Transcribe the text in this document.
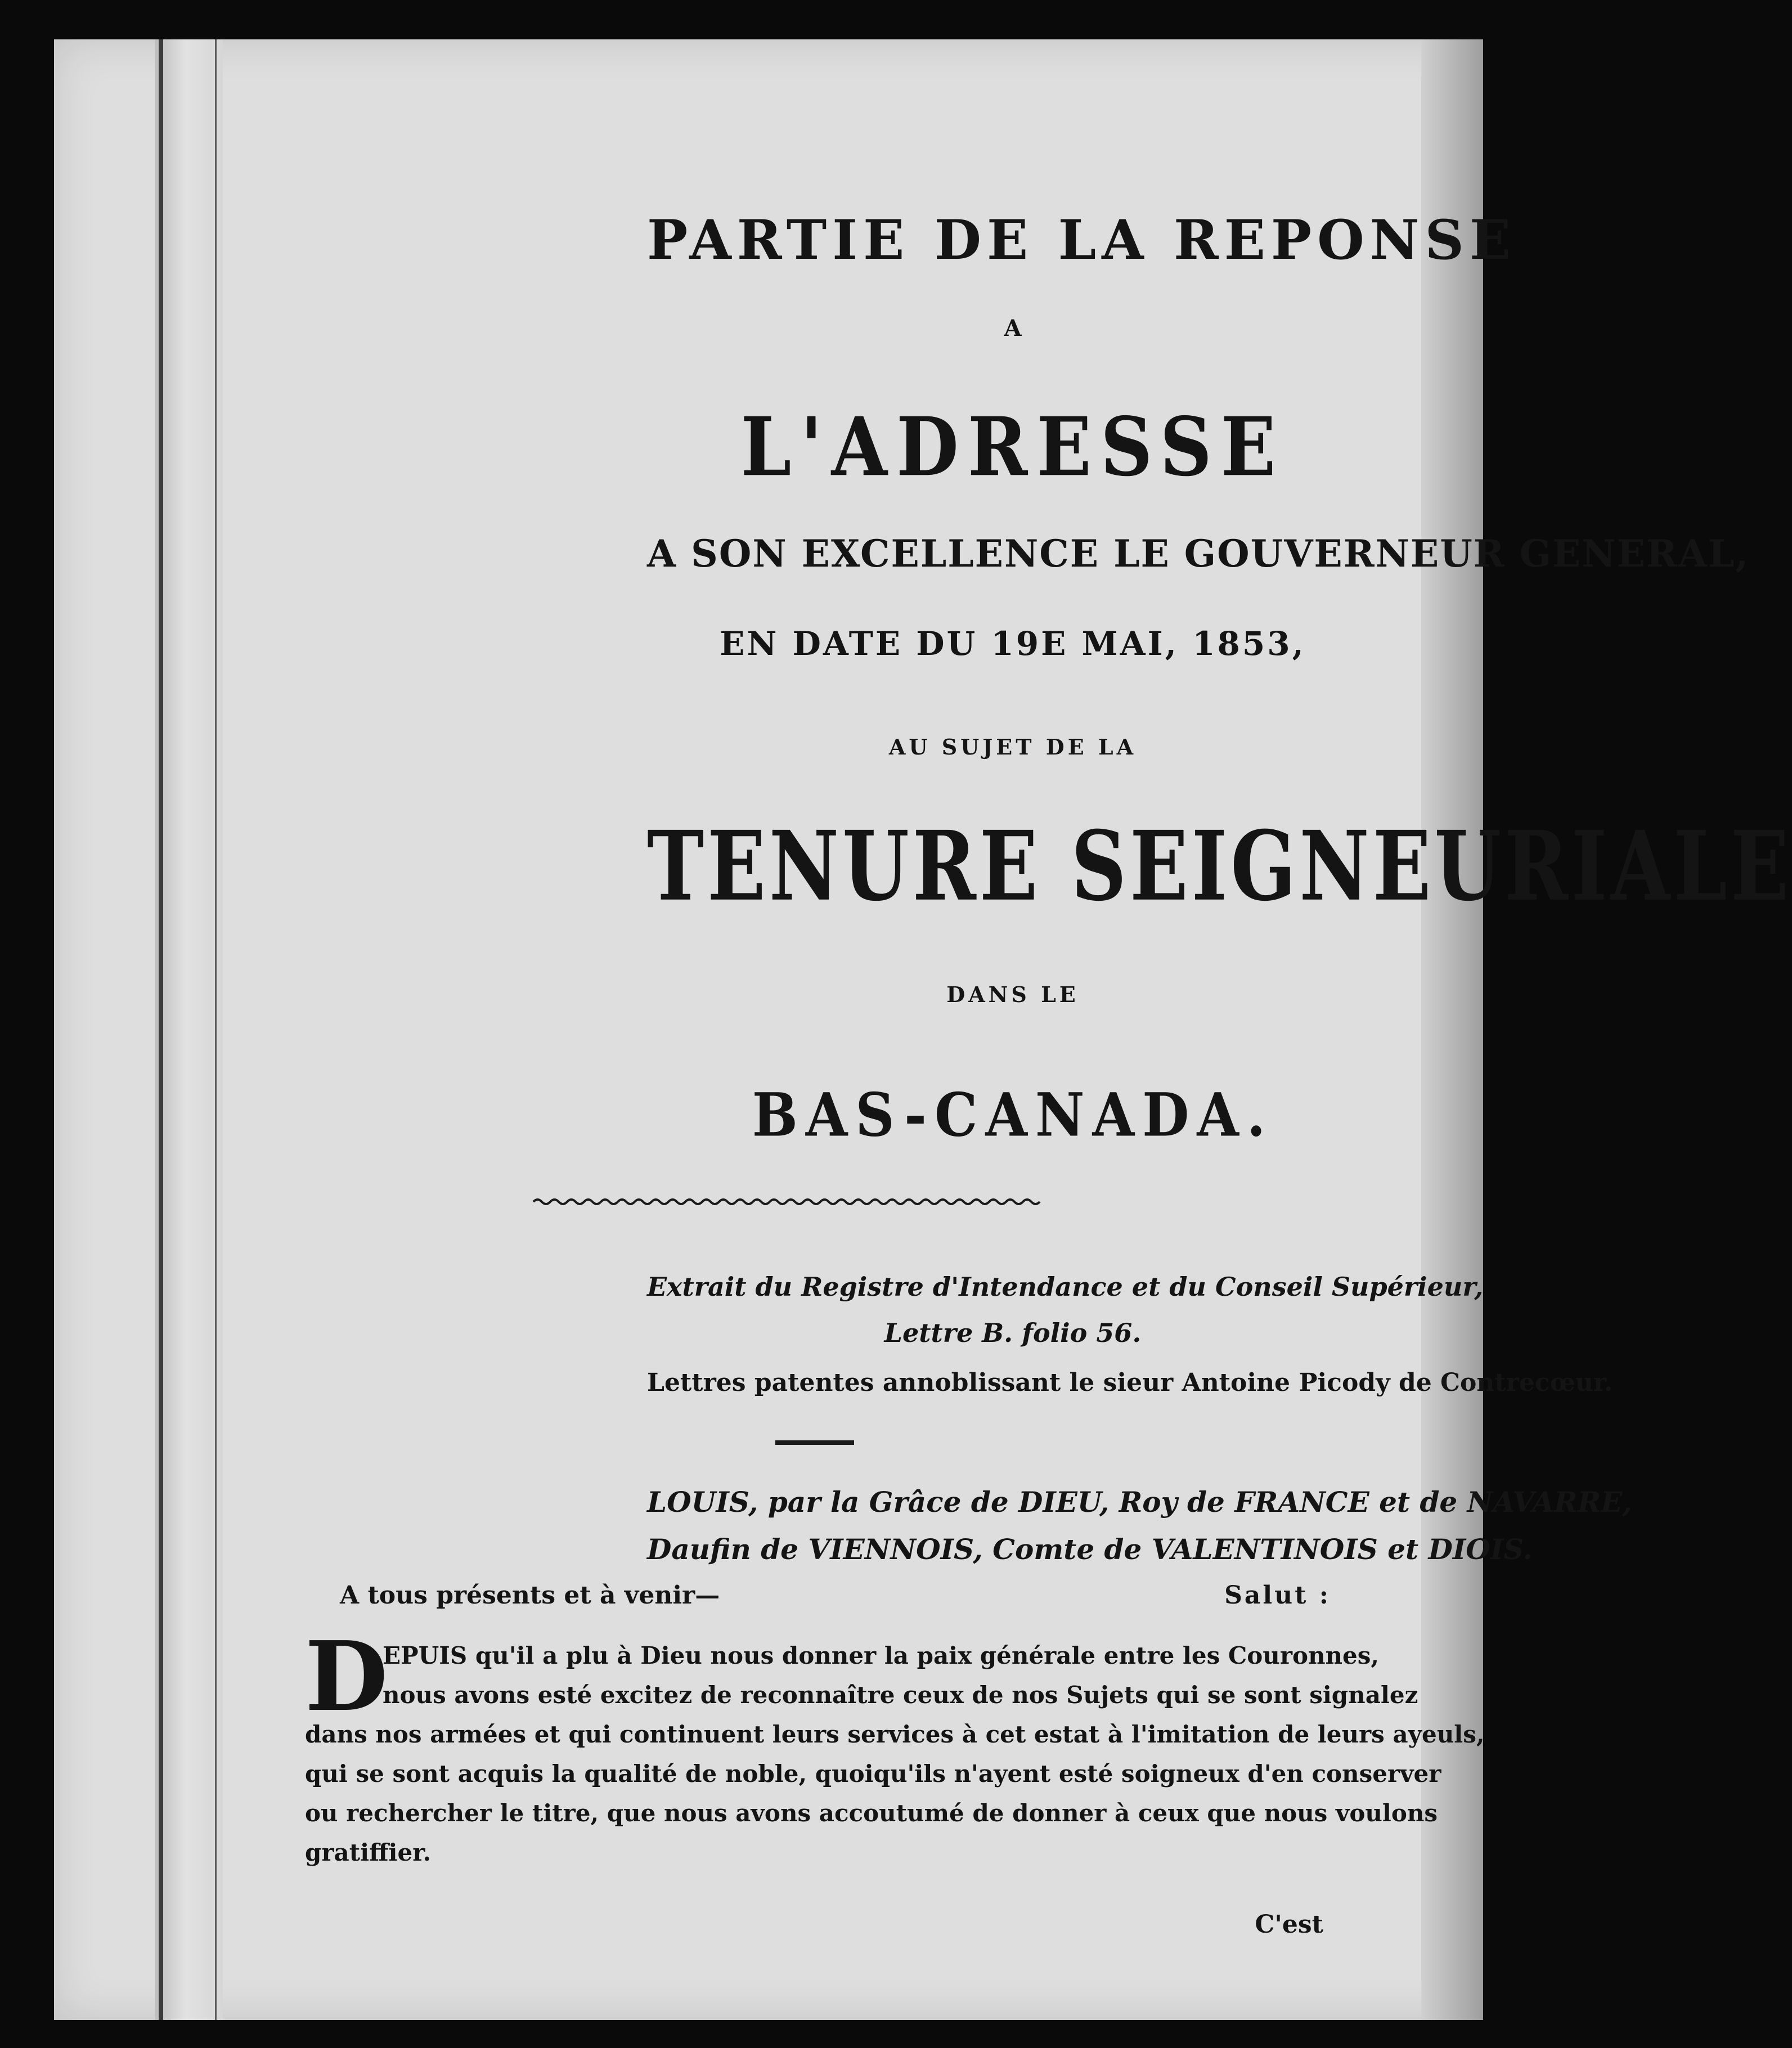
PARTIE DE LA REPONSE
A
L'ADRESSE
A SON EXCELLENCE LE GOUVERNEUR GENERAL,
EN DATE DU 19E MAI, 1853,
AU SUJET DE LA
TENURE SEIGNEURIALE
DANS LE
BAS-CANADA.
Extrait du Registre d'Intendance et du Conseil Supérieur,
Lettre B. folio 56.
Lettres patentes annoblissant le sieur Antoine Picody de Contrecœur.
LOUIS, par la Grâce de DIEU, Roy de FRANCE et de NAVARRE,
Daufin de VIENNOIS, Comte de VALENTINOIS et DIOIS.
A tous présents et à venir—	Salut :
D
EPUIS qu'il a plu à Dieu nous donner la paix générale entre les Couronnes,
nous avons esté excitez de reconnaître ceux de nos Sujets qui se sont signalez
dans nos armées et qui continuent leurs services à cet estat à l'imitation de leurs ayeuls,
qui se sont acquis la qualité de noble, quoiqu'ils n'ayent esté soigneux d'en conserver
ou rechercher le titre, que nous avons accoutumé de donner à ceux que nous voulons
gratiffier.
C'est
